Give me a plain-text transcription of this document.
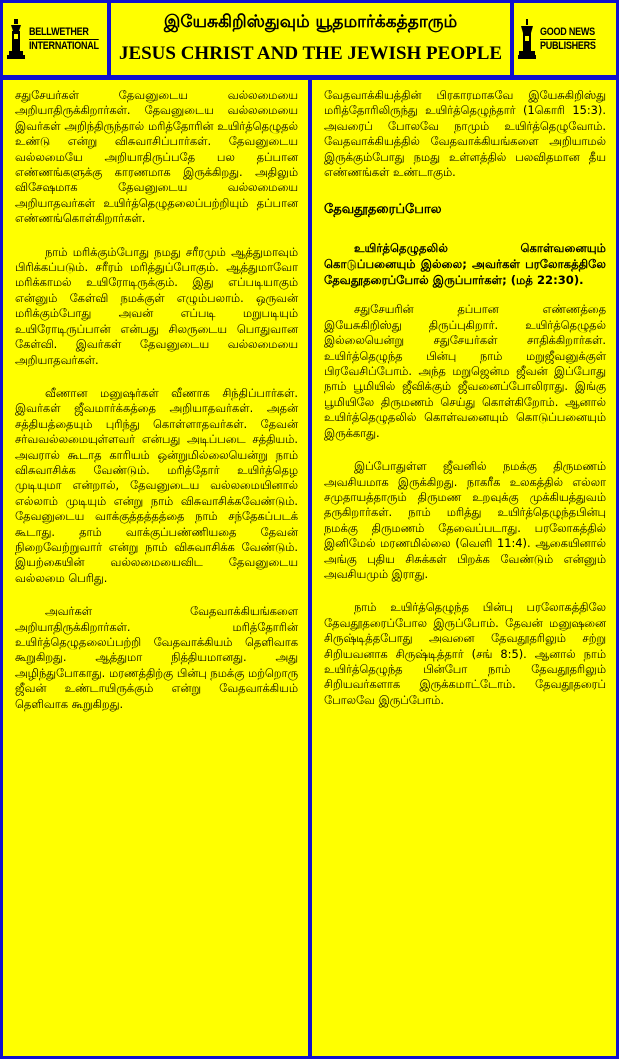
BELLWETHER
INTERNATIONAL
இயேசுகிறிஸ்துவும் யூதமார்க்கத்தாரும்
JESUS CHRIST AND THE JEWISH PEOPLE
GOOD NEWS
PUBLISHERS

சதுசேயர்கள் தேவனுடைய வல்லமையை அறியாதிருக்கிறார்கள். தேவனுடைய வல்லமையை இவர்கள் அறிந்திருந்தால் மரித்தோரின் உயிர்த்தெழுதல் உண்டு என்று விசுவாசிப்பார்கள். தேவனுடைய வல்லமையே அறியாதிருப்பதே பல தப்பான எண்ணங்களுக்கு காரணமாக இருக்கிறது. அதிலும் விசேஷமாக தேவனுடைய வல்லமையை அறியாதவர்கள் உயிர்த்தெழுதலைப்பற்றியும் தப்பான எண்ணங்கொள்கிறார்கள்.

நாம் மரிக்கும்போது நமது சரீரமும் ஆத்துமாவும் பிரிக்கப்படும். சரீரம் மரித்துப்போகும். ஆத்துமாவோ மரிக்காமல் உயிரோடிருக்கும். இது எப்படியாகும் என்னும் கேள்வி நமக்குள் எழும்பலாம். ஒருவன் மரிக்கும்போது அவன் எப்படி மறுபடியும் உயிரோடிருப்பான் என்பது சிலருடைய பொதுவான கேள்வி. இவர்கள் தேவனுடைய வல்லமையை அறியாதவர்கள்.

வீணான மனுஷர்கள் வீணாக சிந்திப்பார்கள். இவர்கள் ஜீவமார்க்கத்தை அறியாதவர்கள். அதன் சத்தியத்தையும் புரிந்து கொள்ளாதவர்கள். தேவன் சர்வவல்லமையுள்ளவர் என்பது அடிப்படை சத்தியம். அவரால் கூடாத காரியம் ஒன்றுமில்லையென்று நாம் விசுவாசிக்க வேண்டும். மரித்தோர் உயிர்த்தெழ முடியுமா என்றால், தேவனுடைய வல்லமையினால் எல்லாம் முடியும் என்று நாம் விசுவாசிக்கவேண்டும். தேவனுடைய வாக்குத்தத்தத்தை நாம் சந்தேகப்படக் கூடாது. தாம் வாக்குப்பண்ணியதை தேவன் நிறைவேற்றுவார் என்று நாம் விசுவாசிக்க வேண்டும். இயற்கையின் வல்லமையைவிட தேவனுடைய வல்லமை பெரிது.

அவர்கள் வேதவாக்கியங்களை அறியாதிருக்கிறார்கள். மரித்தோரின் உயிர்த்தெழுதலைப்பற்றி வேதவாக்கியம் தெளிவாக கூறுகிறது. ஆத்துமா நித்தியமானது. அது அழிந்துபோகாது. மரணத்திற்கு பின்பு நமக்கு மற்றொரு ஜீவன் உண்டாயிருக்கும் என்று வேதவாக்கியம் தெளிவாக கூறுகிறது.

வேதவாக்கியத்தின் பிரகாரமாகவே இயேசுகிறிஸ்து மரித்தோரிலிருந்து உயிர்த்தெழுந்தார் (1கொரி 15:3). அவரைப் போலவே நாமும் உயிர்த்தெழுவோம். வேதவாக்கியத்தில் வேதவாக்கியங்களை அறியாமல் இருக்கும்போது நமது உள்ளத்தில் பலவிதமான தீய எண்ணங்கள் உண்டாகும்.

தேவதூதரைப்போல

உயிர்த்தெழுதலில் கொள்வனையும் கொடுப்பனையும் இல்லை; அவர்கள் பரலோகத்திலே தேவதூதரைப்போல் இருப்பார்கள்; (மத் 22:30).

சதுசேயரின் தப்பான எண்ணத்தை இயேசுகிறிஸ்து திருப்புகிறார். உயிர்த்தெழுதல் இல்லையென்று சதுசேயர்கள் சாதிக்கிறார்கள். உயிர்த்தெழுந்த பின்பு நாம் மறுஜீவனுக்குள் பிரவேசிப்போம். அந்த மறுஜென்ம ஜீவன் இப்போது நாம் பூமியில் ஜீவிக்கும் ஜீவனைப்போலிராது. இங்கு பூமியிலே திருமணம் செய்து கொள்கிறோம். ஆனால் உயிர்த்தெழுதலில் கொள்வனையும் கொடுப்பனையும் இருக்காது.

இப்போதுள்ள ஜீவனில் நமக்கு திருமணம் அவசியமாக இருக்கிறது. நாகரீக உலகத்தில் எல்லா சமுதாயத்தாரும் திருமண உறவுக்கு முக்கியத்துவம் தருகிறார்கள். நாம் மரித்து உயிர்த்தெழுந்தபின்பு நமக்கு திருமணம் தேவைப்படாது. பரலோகத்தில் இனிமேல் மரணமில்லை (வெளி 11:4). ஆகையினால் அங்கு புதிய சிசுக்கள் பிறக்க வேண்டும் என்னும் அவசியமும் இராது.

நாம் உயிர்த்தெழுந்த பின்பு பரலோகத்திலே தேவதூதரைப்போல இருப்போம். தேவன் மனுஷனை சிருஷ்டித்தபோது அவனை தேவதூதரிலும் சற்று சிறியவனாக சிருஷ்டித்தார் (சங் 8:5). ஆனால் நாம் உயிர்த்தெழுந்த பின்போ நாம் தேவதூதரிலும் சிறியவர்களாக இருக்கமாட்டோம். தேவதூதரைப் போலவே இருப்போம்.
